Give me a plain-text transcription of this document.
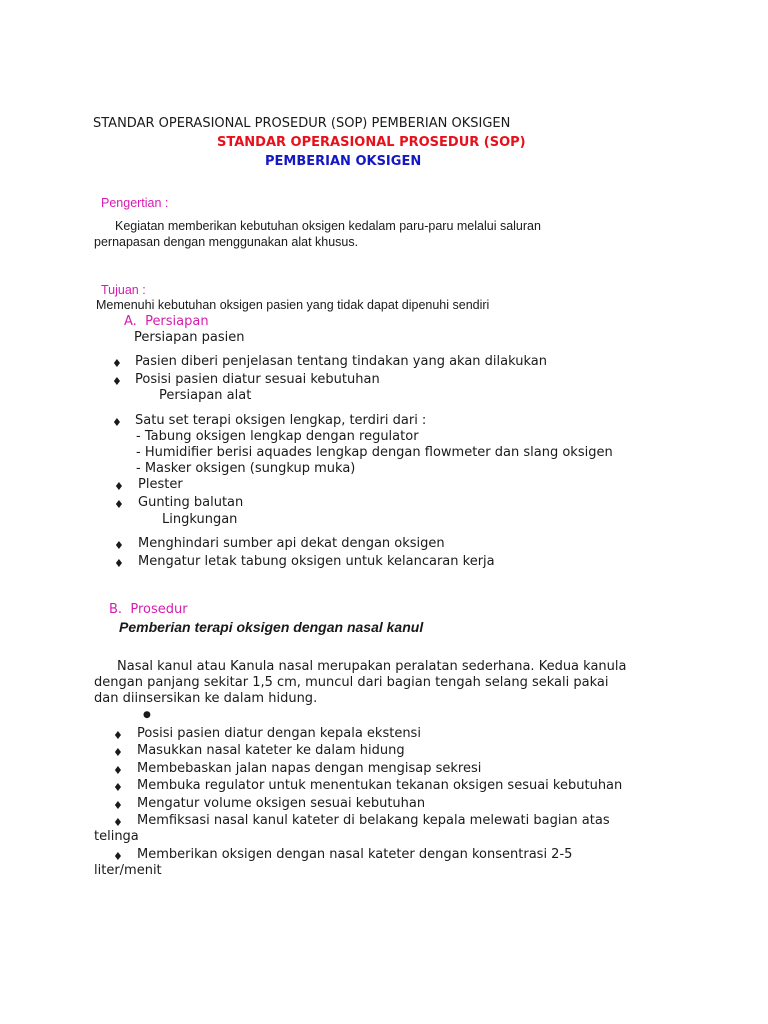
STANDAR OPERASIONAL PROSEDUR (SOP) PEMBERIAN OKSIGEN
STANDAR OPERASIONAL PROSEDUR (SOP)
PEMBERIAN OKSIGEN
Pengertian :
Kegiatan memberikan kebutuhan oksigen kedalam paru-paru melalui saluran
pernapasan dengan menggunakan alat khusus.
Tujuan :
Memenuhi kebutuhan oksigen pasien yang tidak dapat dipenuhi sendiri
A. Persiapan
Persiapan pasien
♦ Pasien diberi penjelasan tentang tindakan yang akan dilakukan
♦ Posisi pasien diatur sesuai kebutuhan
Persiapan alat
♦ Satu set terapi oksigen lengkap, terdiri dari :
- Tabung oksigen lengkap dengan regulator
- Humidifier berisi aquades lengkap dengan flowmeter dan slang oksigen
- Masker oksigen (sungkup muka)
♦ Plester
♦ Gunting balutan
Lingkungan
♦ Menghindari sumber api dekat dengan oksigen
♦ Mengatur letak tabung oksigen untuk kelancaran kerja
B. Prosedur
Pemberian terapi oksigen dengan nasal kanul
Nasal kanul atau Kanula nasal merupakan peralatan sederhana. Kedua kanula
dengan panjang sekitar 1,5 cm, muncul dari bagian tengah selang sekali pakai
dan diinsersikan ke dalam hidung.
●
♦ Posisi pasien diatur dengan kepala ekstensi
♦ Masukkan nasal kateter ke dalam hidung
♦ Membebaskan jalan napas dengan mengisap sekresi
♦ Membuka regulator untuk menentukan tekanan oksigen sesuai kebutuhan
♦ Mengatur volume oksigen sesuai kebutuhan
♦ Memfiksasi nasal kanul kateter di belakang kepala melewati bagian atas
telinga
♦ Memberikan oksigen dengan nasal kateter dengan konsentrasi 2-5
liter/menit
